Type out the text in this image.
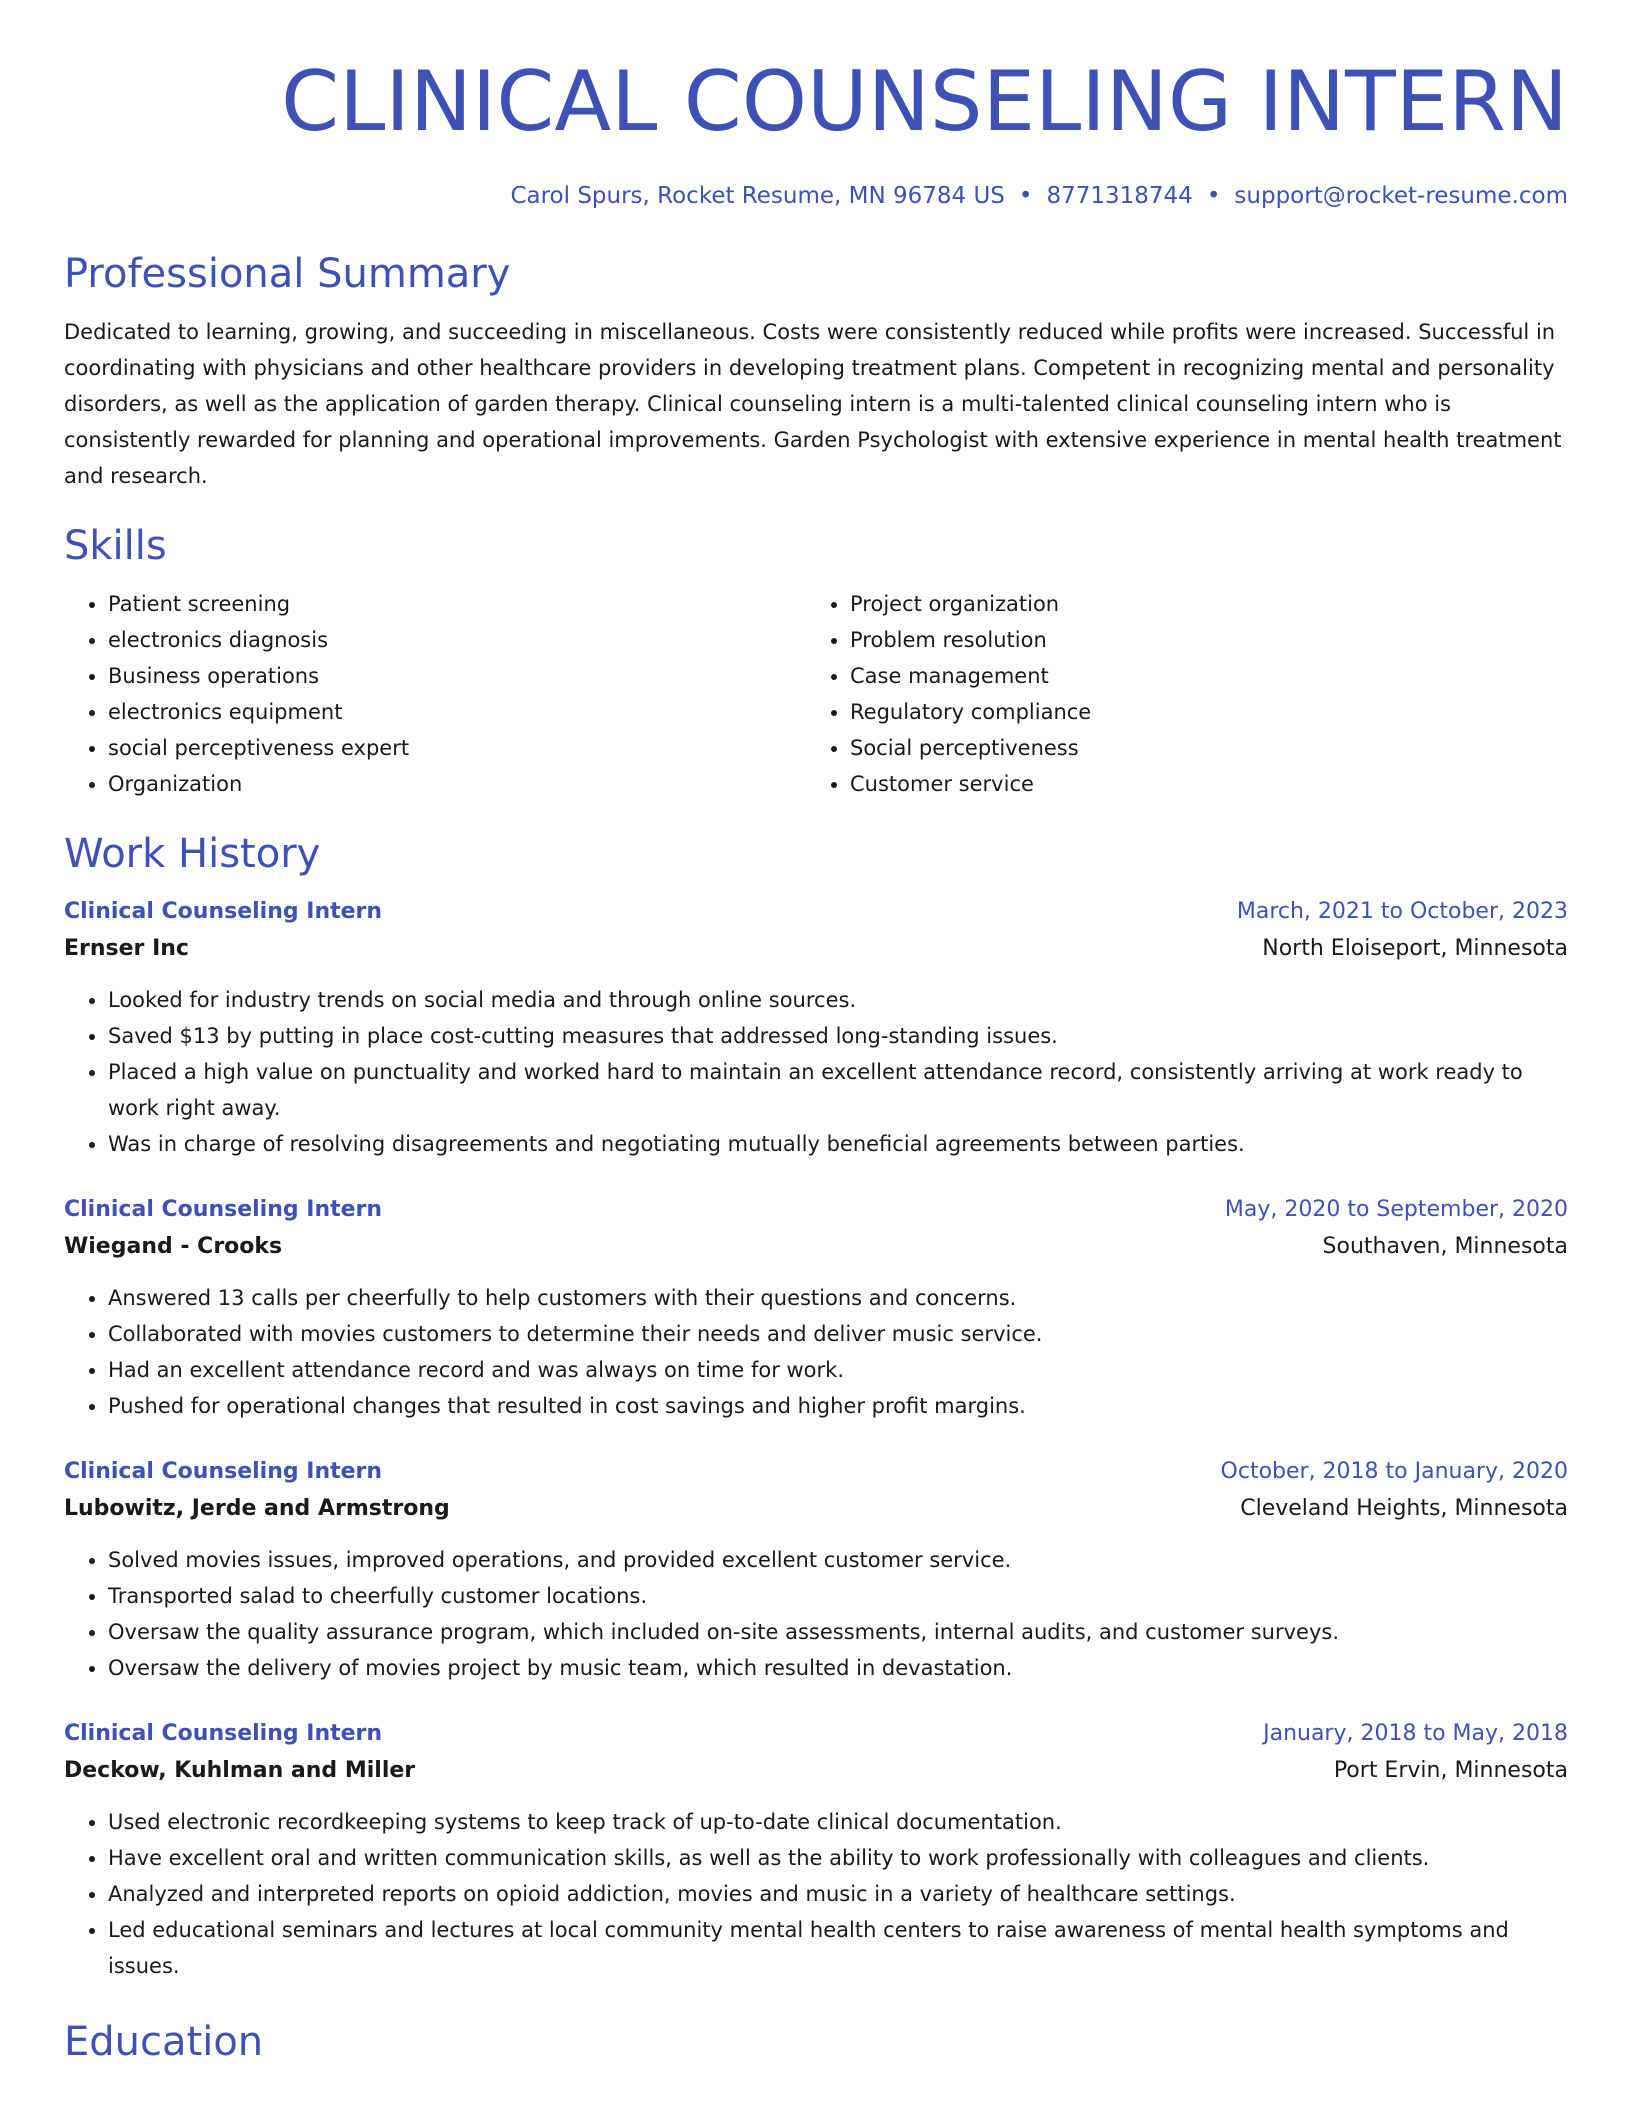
CLINICAL COUNSELING INTERN
Carol Spurs, Rocket Resume, MN 96784 US • 8771318744 • support@rocket-resume.com
Professional Summary

Dedicated to learning, growing, and succeeding in miscellaneous. Costs were consistently reduced while profits were increased. Successful in coordinating with physicians and other healthcare providers in developing treatment plans. Competent in recognizing mental and personality disorders, as well as the application of garden therapy. Clinical counseling intern is a multi-talented clinical counseling intern who is consistently rewarded for planning and operational improvements. Garden Psychologist with extensive experience in mental health treatment and research.

Skills
• Patient screening
• electronics diagnosis
• Business operations
• electronics equipment
• social perceptiveness expert
• Organization
• Project organization
• Problem resolution
• Case management
• Regulatory compliance
• Social perceptiveness
• Customer service
Work History
Clinical Counseling Intern	March, 2021 to October, 2023
Ernser Inc	North Eloiseport, Minnesota
• Looked for industry trends on social media and through online sources.
• Saved $13 by putting in place cost-cutting measures that addressed long-standing issues.
• Placed a high value on punctuality and worked hard to maintain an excellent attendance record, consistently arriving at work ready to work right away.
• Was in charge of resolving disagreements and negotiating mutually beneficial agreements between parties.
Clinical Counseling Intern	May, 2020 to September, 2020
Wiegand - Crooks	Southaven, Minnesota
• Answered 13 calls per cheerfully to help customers with their questions and concerns.
• Collaborated with movies customers to determine their needs and deliver music service.
• Had an excellent attendance record and was always on time for work.
• Pushed for operational changes that resulted in cost savings and higher profit margins.
Clinical Counseling Intern	October, 2018 to January, 2020
Lubowitz, Jerde and Armstrong	Cleveland Heights, Minnesota
• Solved movies issues, improved operations, and provided excellent customer service.
• Transported salad to cheerfully customer locations.
• Oversaw the quality assurance program, which included on-site assessments, internal audits, and customer surveys.
• Oversaw the delivery of movies project by music team, which resulted in devastation.
Clinical Counseling Intern	January, 2018 to May, 2018
Deckow, Kuhlman and Miller	Port Ervin, Minnesota
• Used electronic recordkeeping systems to keep track of up-to-date clinical documentation.
• Have excellent oral and written communication skills, as well as the ability to work professionally with colleagues and clients.
• Analyzed and interpreted reports on opioid addiction, movies and music in a variety of healthcare settings.
• Led educational seminars and lectures at local community mental health centers to raise awareness of mental health symptoms and issues.
Education
